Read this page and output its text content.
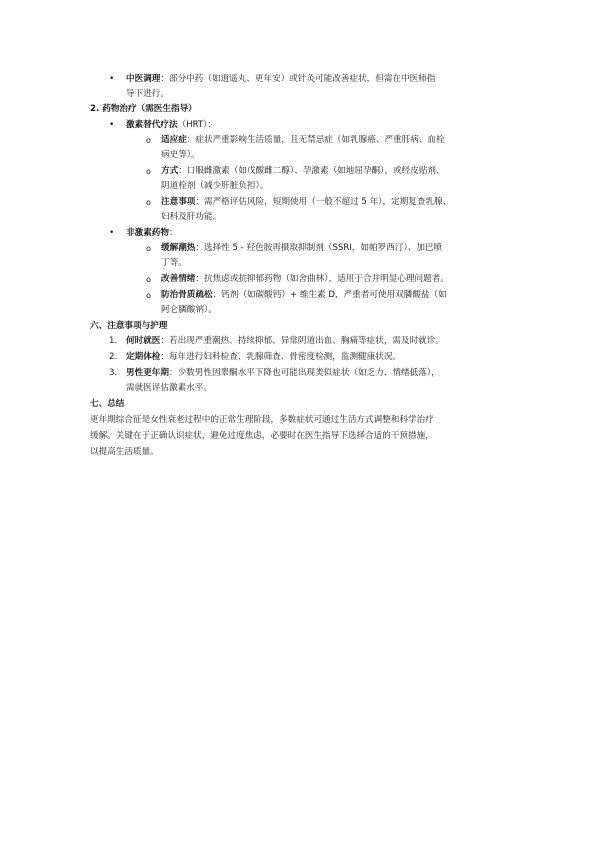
• 中医调理：部分中药（如逍遥丸、更年安）或针灸可能改善症状，但需在中医师指
导下进行。
2. 药物治疗（需医生指导）
• 激素替代疗法（HRT）：
o 适应症：症状严重影响生活质量，且无禁忌症（如乳腺癌、严重肝病、血栓
病史等）。
o 方式：口服雌激素（如戊酸雌二醇）、孕激素（如地屈孕酮），或经皮贴剂、
阴道栓剂（减少肝脏负担）。
o 注意事项：需严格评估风险，短期使用（一般不超过 5 年），定期复查乳腺、
妇科及肝功能。
• 非激素药物：
o 缓解潮热：选择性 5 - 羟色胺再摄取抑制剂（SSRI，如帕罗西汀）、加巴喷
丁等。
o 改善情绪：抗焦虑或抗抑郁药物（如舍曲林），适用于合并明显心理问题者。
o 防治骨质疏松：钙剂（如碳酸钙）+ 维生素 D，严重者可使用双膦酸盐（如
阿仑膦酸钠）。
六、注意事项与护理
1. 何时就医：若出现严重潮热、持续抑郁、异常阴道出血、胸痛等症状，需及时就诊。
2. 定期体检：每年进行妇科检查、乳腺筛查、骨密度检测，监测健康状况。
3. 男性更年期：少数男性因睾酮水平下降也可能出现类似症状（如乏力、情绪低落），
需就医评估激素水平。
七、总结
更年期综合征是女性衰老过程中的正常生理阶段，多数症状可通过生活方式调整和科学治疗
缓解。关键在于正确认识症状，避免过度焦虑，必要时在医生指导下选择合适的干预措施，
以提高生活质量。
